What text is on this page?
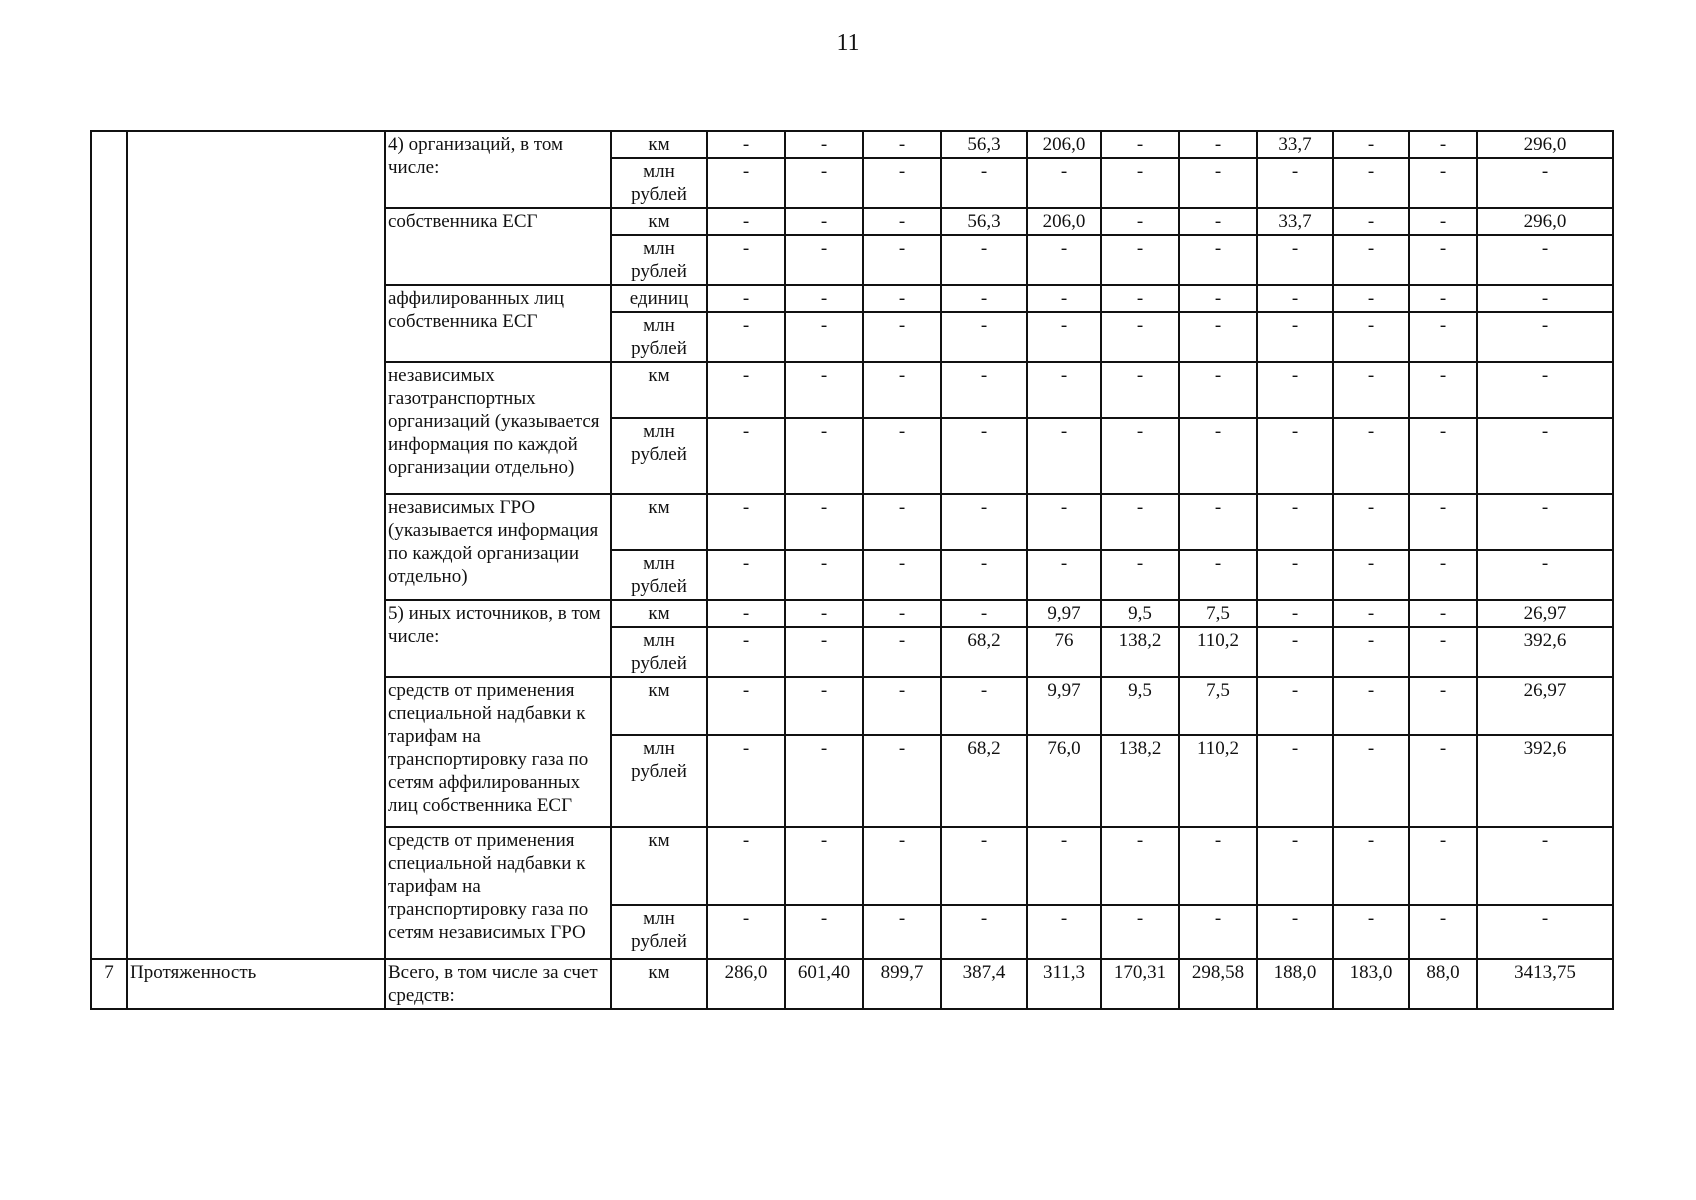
11
		4) организаций, в том числе:	км	-	-	-	56,3	206,0	-	-	33,7	-	-	296,0
			млн рублей	-	-	-	-	-	-	-	-	-	-	-
		собственника ЕСГ	км	-	-	-	56,3	206,0	-	-	33,7	-	-	296,0
			млн рублей	-	-	-	-	-	-	-	-	-	-	-
		аффилированных лиц собственника ЕСГ	единиц	-	-	-	-	-	-	-	-	-	-	-
			млн рублей	-	-	-	-	-	-	-	-	-	-	-
		независимых газотранспортных организаций (указывается информация по каждой организации отдельно)	км	-	-	-	-	-	-	-	-	-	-	-
			млн рублей	-	-	-	-	-	-	-	-	-	-	-
		независимых ГРО (указывается информация по каждой организации отдельно)	км	-	-	-	-	-	-	-	-	-	-	-
			млн рублей	-	-	-	-	-	-	-	-	-	-	-
		5) иных источников, в том числе:	км	-	-	-	-	9,97	9,5	7,5	-	-	-	26,97
			млн рублей	-	-	-	68,2	76	138,2	110,2	-	-	-	392,6
		средств от применения специальной надбавки к тарифам на транспортировку газа по сетям аффилированных лиц собственника ЕСГ	км	-	-	-	-	9,97	9,5	7,5	-	-	-	26,97
			млн рублей	-	-	-	68,2	76,0	138,2	110,2	-	-	-	392,6
		средств от применения специальной надбавки к тарифам на транспортировку газа по сетям независимых ГРО	км	-	-	-	-	-	-	-	-	-	-	-
			млн рублей	-	-	-	-	-	-	-	-	-	-	-
7	Протяженность	Всего, в том числе за счет средств:	км	286,0	601,40	899,7	387,4	311,3	170,31	298,58	188,0	183,0	88,0	3413,75
